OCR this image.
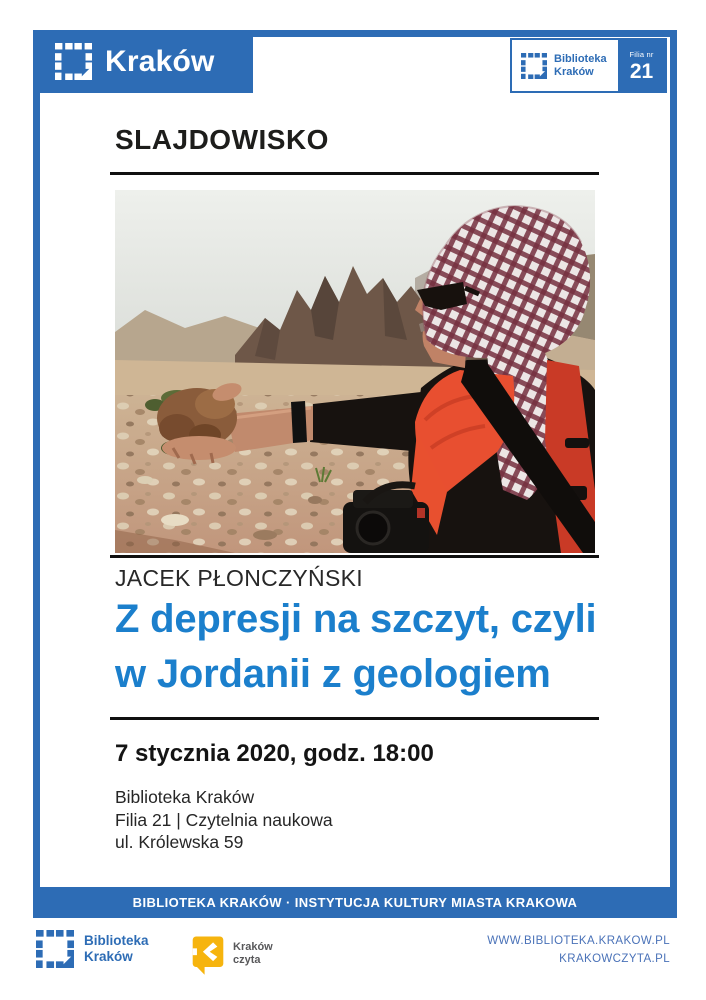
Kraków	Biblioteka
Kraków
Filia nr
21
SLAJDOWISKO
JACEK PŁONCZYŃSKI
Z depresji na szczyt, czyli
w Jordanii z geologiem
7 stycznia 2020, godz. 18:00
Biblioteka Kraków
Filia 21 | Czytelnia naukowa
ul. Królewska 59
BIBLIOTEKA KRAKÓW · INSTYTUCJA KULTURY MIASTA KRAKOWA
Biblioteka
Kraków
Kraków
czyta
WWW.BIBLIOTEKA.KRAKOW.PL
KRAKOWCZYTA.PL
